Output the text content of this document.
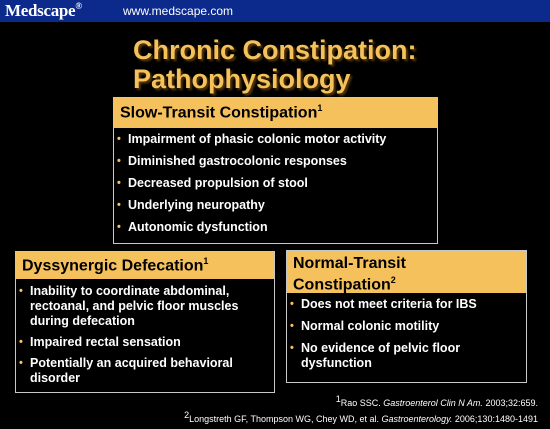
Medscape®	www.medscape.com
Chronic Constipation:
Pathophysiology
Slow-Transit Constipation$^1$
• Impairment of phasic colonic motor activity
• Diminished gastrocolonic responses
• Decreased propulsion of stool
• Underlying neuropathy
• Autonomic dysfunction
Dyssynergic Defecation$^1$
• Inability to coordinate abdominal, rectoanal, and pelvic floor muscles during defecation
• Impaired rectal sensation
• Potentially an acquired behavioral disorder
Normal-Transit
Constipation$^2$
• Does not meet criteria for IBS
• Normal colonic motility
• No evidence of pelvic floor dysfunction
$^1$Rao SSC. Gastroenterol Clin N Am. 2003;32:659.
$^2$Longstreth GF, Thompson WG, Chey WD, et al. Gastroenterology. 2006;130:1480-1491
